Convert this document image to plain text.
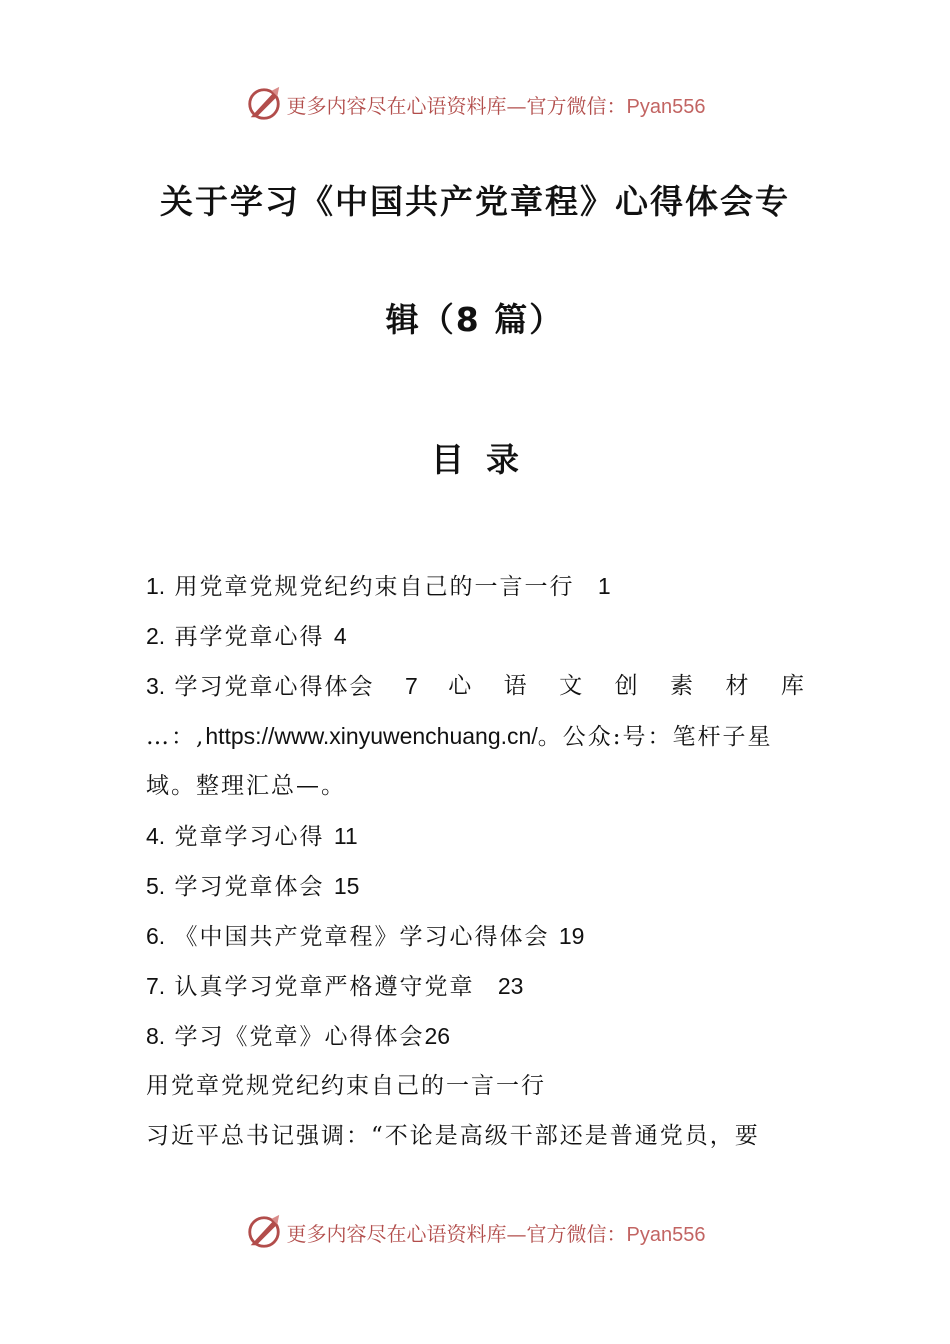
更多内容尽在心语资料库—官方微信：Pyan556
关于学习《中国共产党章程》心得体会专
辑（8 篇）
目录
1. 用党章党规党纪约束自己的一言一行 1
2. 再学党章心得 4
3. 学习党章心得体会 7 心 语 文 创 素 材 库
…：,https://www.xinyuwenchuang.cn/。公众:号：笔杆子星
域。整理汇总—。
4. 党章学习心得 11
5. 学习党章体会 15
6. 《中国共产党章程》学习心得体会 19
7. 认真学习党章严格遵守党章 23
8. 学习《党章》心得体会26
用党章党规党纪约束自己的一言一行
习近平总书记强调：“不论是高级干部还是普通党员，要
更多内容尽在心语资料库—官方微信：Pyan556
